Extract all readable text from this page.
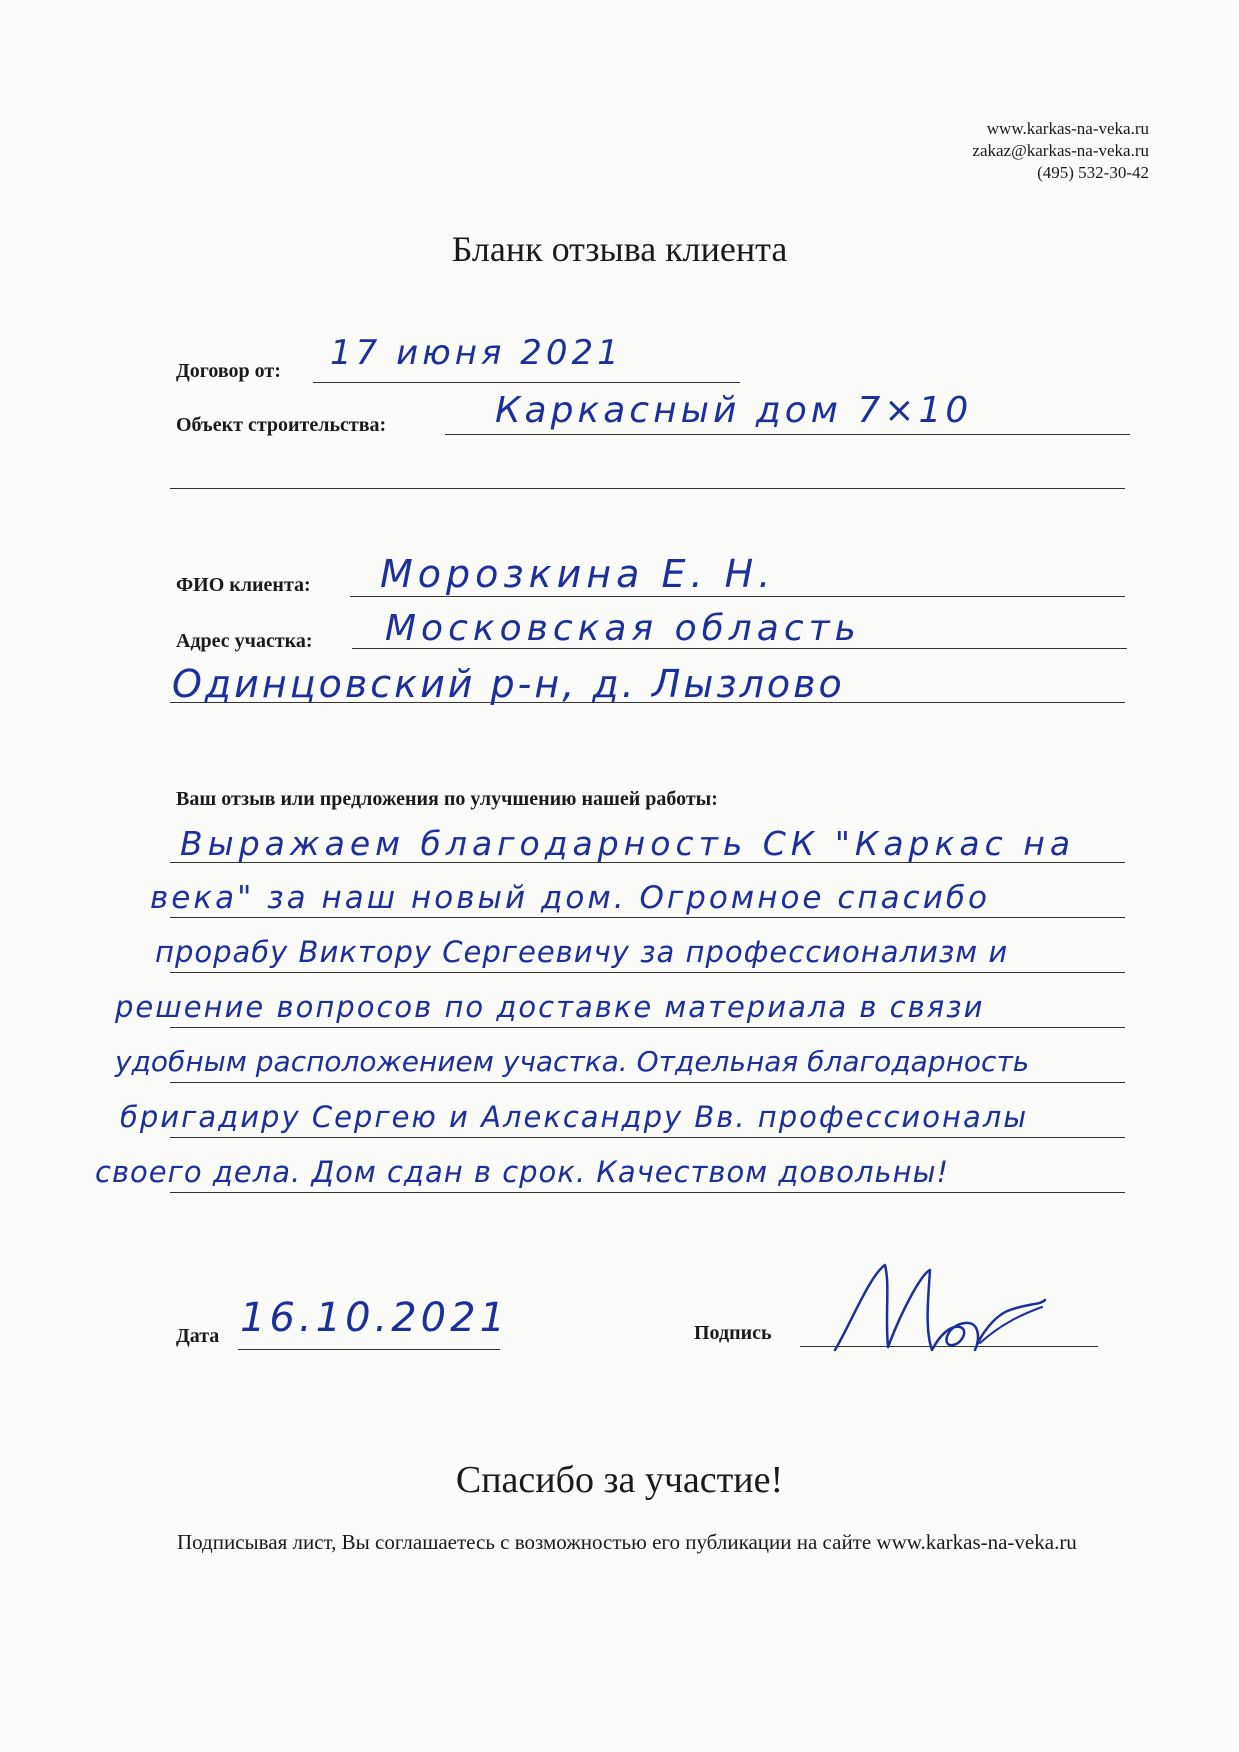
www.karkas-na-veka.ru
zakaz@karkas-na-veka.ru
(495) 532-30-42
Бланк отзыва клиента
Договор от: 17 июня 2021
Объект строительства:	Каркасный дом 7×10
ФИО клиента: Морозкина Е. Н.
Адрес участка: Московская область
Одинцовский р-н, д. Лызлово
Ваш отзыв или предложения по улучшению нашей работы:
Выражаем благодарность СК "Каркас на
века" за наш новый дом. Огромное спасибо
прорабу Виктору Сергеевичу за профессионализм и
решение вопросов по доставке материала в связи
удобным расположением участка. Отдельная благодарность
бригадиру Сергею и Александру Вв. профессионалы
своего дела. Дом сдан в срок. Качеством довольны!
Дата 16.10.2021	Подпись
Спасибо за участие!
Подписывая лист, Вы соглашаетесь с возможностью его публикации на сайте www.karkas-na-veka.ru
